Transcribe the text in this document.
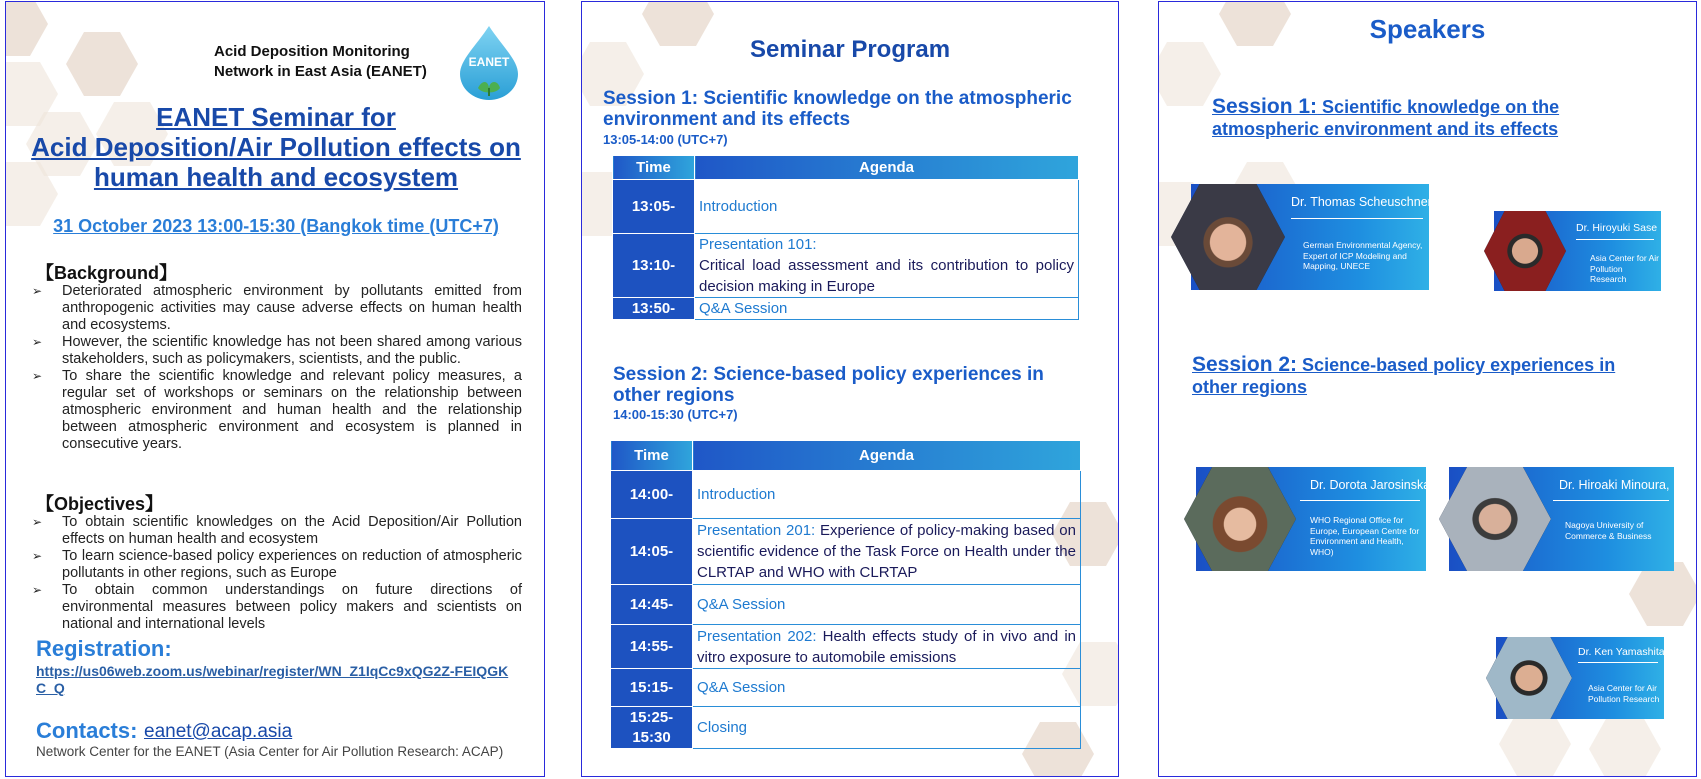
Acid Deposition Monitoring
Network in East Asia (EANET)
EANET
EANET Seminar for
Acid Deposition/Air Pollution effects on
human health and ecosystem
31 October 2023 13:00-15:30 (Bangkok time (UTC+7)
【Background】
➢ Deteriorated atmospheric environment by pollutants emitted from anthropogenic activities may cause adverse effects on human health and ecosystems.
➢ However, the scientific knowledge has not been shared among various stakeholders, such as policymakers, scientists, and the public.
➢ To share the scientific knowledge and relevant policy measures, a regular set of workshops or seminars on the relationship between atmospheric environment and human health and the relationship between atmospheric environment and ecosystem is planned in consecutive years.
【Objectives】
➢ To obtain scientific knowledges on the Acid Deposition/Air Pollution effects on human health and ecosystem
➢ To learn science-based policy experiences on reduction of atmospheric pollutants in other regions, such as Europe
➢ To obtain common understandings on future directions of environmental measures between policy makers and scientists on national and international levels
Registration:
https://us06web.zoom.us/webinar/register/WN_Z1IqCc9xQG2Z-FEIQGKC_Q
Contacts: eanet@acap.asia
Network Center for the EANET (Asia Center for Air Pollution Research: ACAP)
Seminar Program
Session 1: Scientific knowledge on the atmospheric
environment and its effects
13:05-14:00 (UTC+7)
Time	Agenda
13:05-	Introduction
13:10-	Presentation 101:
Critical load assessment and its contribution to policy decision making in Europe

13:50-	Q&A Session
Session 2: Science-based policy experiences in
other regions
14:00-15:30 (UTC+7)
Time	Agenda
14:00-	Introduction
14:05-	Presentation 201: Experience of policy-making based on scientific evidence of the Task Force on Health under the CLRTAP and WHO with CLRTAP
14:45-	Q&A Session
14:55-	Presentation 202: Health effects study of in vivo and in vitro exposure to automobile emissions
15:15-	Q&A Session
15:25-
15:30	Closing
Speakers
Session 1: Scientific knowledge on the
atmospheric environment and its effects
Session 2: Science-based policy experiences in
other regions
Dr. Thomas Scheuschner,
German Environmental Agency, Expert of ICP Modeling and Mapping, UNECE
Dr. Hiroyuki Sase
Asia Center for Air Pollution Research
Dr. Dorota Jarosinska
WHO Regional Office for Europe, European Centre for Environment and Health, WHO)
Dr. Hiroaki Minoura,
Nagoya University of Commerce & Business
Dr. Ken Yamashita,
Asia Center for Air Pollution Research
